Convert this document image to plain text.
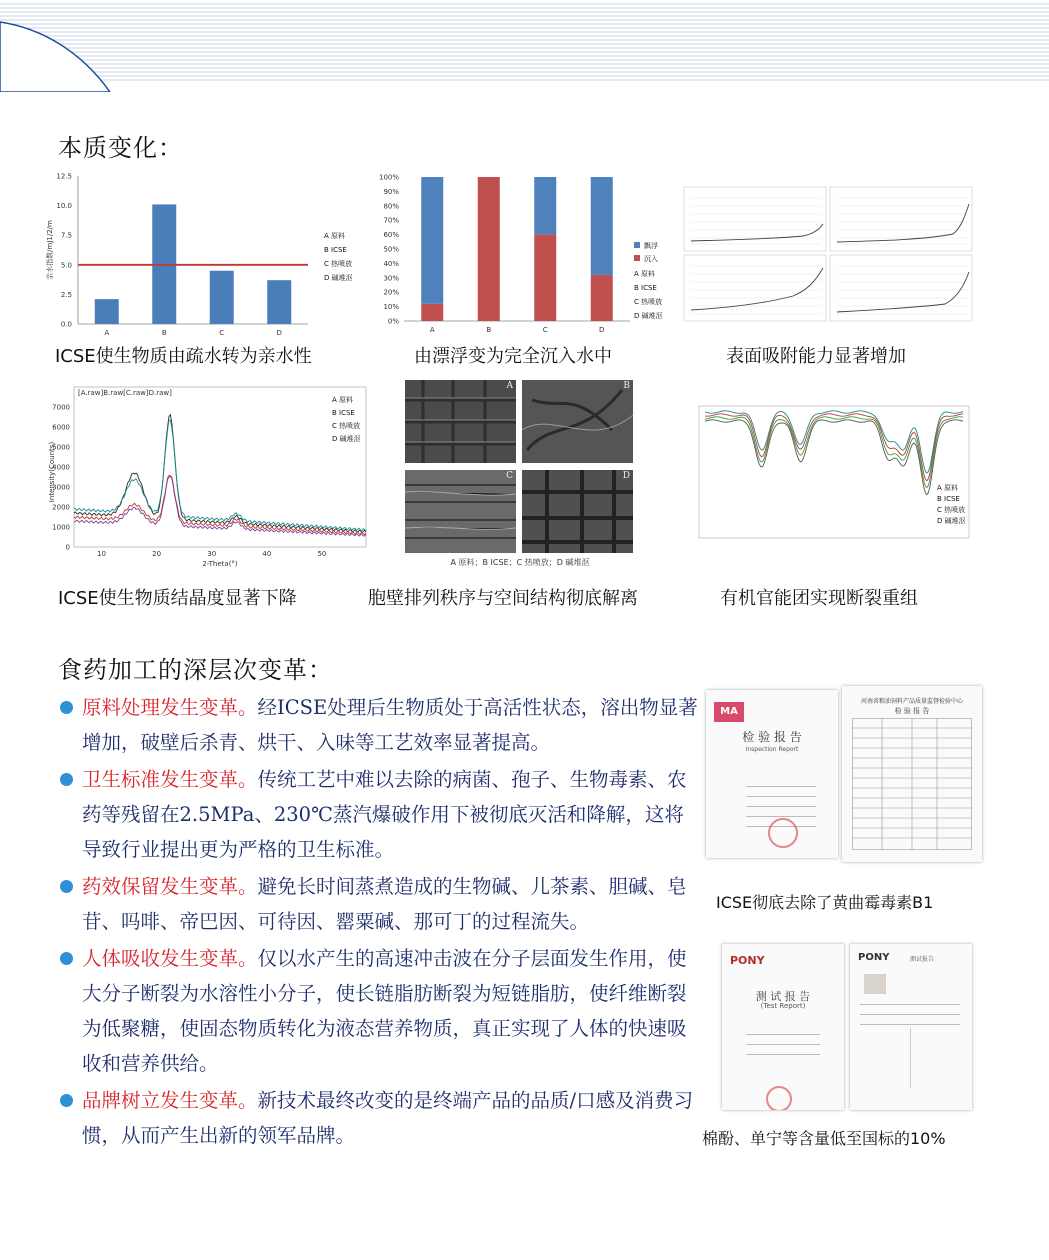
本质变化：
0.0
2.5
5.0
7.5
10.0
12.5
A	B	C	D
亲水指数/mJ1/2/m	A 原料
B ICSE
C 热喷放
D 碱堆沤
0%
10%
20%
30%
40%
50%
60%
70%
80%
90%
100%
A	B	C	D
飘浮
沉入
A 原料
B ICSE
C 热喷放
D 碱堆沤
0
1000
2000
3000
4000
5000
6000
7000
10	20	30	40	50
2-Theta(°)
Intensity(Counts)
[A.raw]B.raw[C.raw]D.raw]
A 原料
B ICSE
C 热喷放
D 碱堆沤
A	B
C	D
A 原料；B ICSE；C 热喷放；D 碱堆沤
A 原料
B ICSE
C 热喷放
D 碱堆沤
ICSE使生物质由疏水转为亲水性	由漂浮变为完全沉入水中	表面吸附能力显著增加
ICSE使生物质结晶度显著下降	胞壁排列秩序与空间结构彻底解离	有机官能团实现断裂重组
食药加工的深层次变革：
原料处理发生变革。经ICSE处理后生物质处于高活性状态，溶出物显著增加，破壁后杀青、烘干、入味等工艺效率显著提高。
卫生标准发生变革。传统工艺中难以去除的病菌、孢子、生物毒素、农药等残留在2.5MPa、230℃蒸汽爆破作用下被彻底灭活和降解，这将导致行业提出更为严格的卫生标准。
药效保留发生变革。避免长时间蒸煮造成的生物碱、儿茶素、胆碱、皂苷、吗啡、帝巴因、可待因、罂粟碱、那可丁的过程流失。
人体吸收发生变革。仅以水产生的高速冲击波在分子层面发生作用，使大分子断裂为水溶性小分子，使长链脂肪断裂为短链脂肪，使纤维断裂为低聚糖，使固态物质转化为液态营养物质，真正实现了人体的快速吸收和营养供给。
品牌树立发生变革。新技术最终改变的是终端产品的品质/口感及消费习惯，从而产生出新的领军品牌。
MA
检 验 报 告
Inspection Report
河南省粮油饲料产品质量监督检验中心
检 验 报 告
ICSE彻底去除了黄曲霉毒素B1
PONY
测 试 报 告
(Test Report)
PONY	测试报告
棉酚、单宁等含量低至国标的10%
